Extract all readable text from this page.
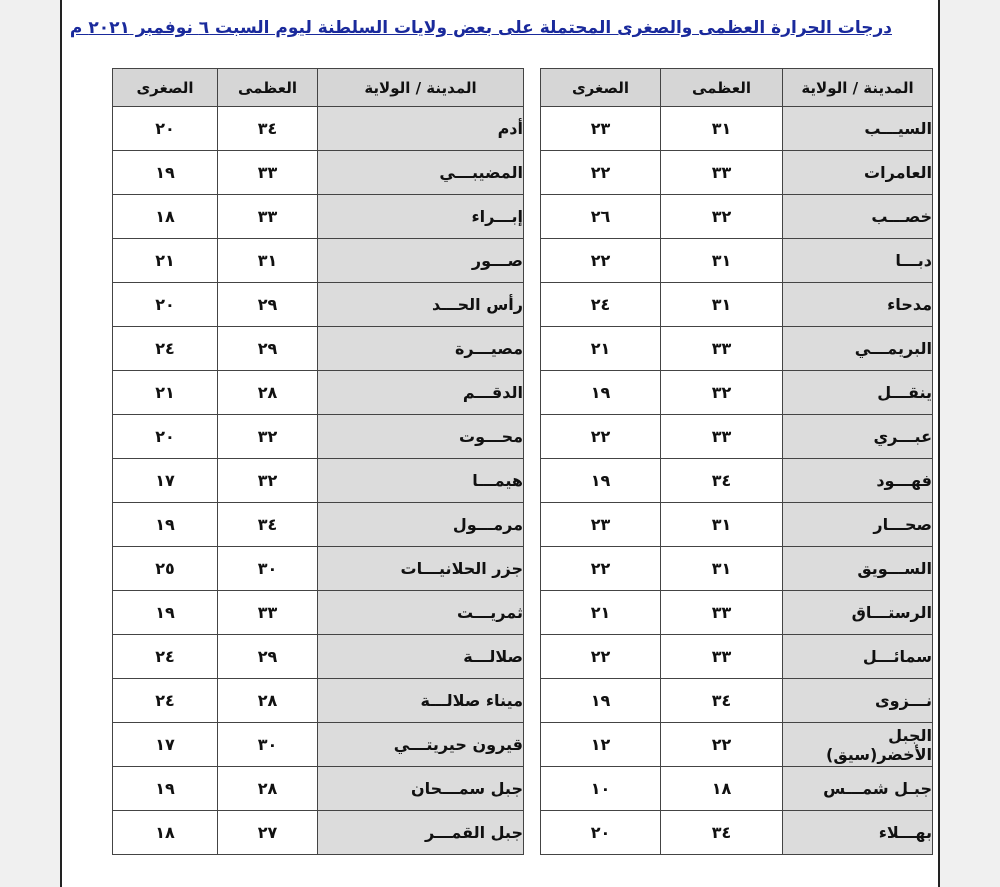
درجات الحرارة العظمى والصغرى المحتملة على بعض ولايات السلطنة ليوم السبت ٦ نوفمبر ٢٠٢١ م
المدينة / الولاية	العظمى	الصغرى
السيـــب	٣١	٢٣
العامرات	٣٣	٢٢
خصـــب	٣٢	٢٦
دبـــا	٣١	٢٢
مدحاء	٣١	٢٤
البريمـــي	٣٣	٢١
ينقـــل	٣٢	١٩
عبـــري	٣٣	٢٢
فهـــود	٣٤	١٩
صحـــار	٣١	٢٣
الســـويق	٣١	٢٢
الرستـــاق	٣٣	٢١
سمائـــل	٣٣	٢٢
نـــزوى	٣٤	١٩
الجبل الأخضر(سيق)	٢٢	١٢
جبـل شمـــس	١٨	١٠
بهـــلاء	٣٤	٢٠
المدينة / الولاية	العظمى	الصغرى
أدم	٣٤	٢٠
المضيبـــي	٣٣	١٩
إبـــراء	٣٣	١٨
صـــور	٣١	٢١
رأس الحـــد	٢٩	٢٠
مصيـــرة	٢٩	٢٤
الدقـــم	٢٨	٢١
محـــوت	٣٢	٢٠
هيمـــا	٣٢	١٧
مرمـــول	٣٤	١٩
جزر الحلانيـــات	٣٠	٢٥
ثمريـــت	٣٣	١٩
صلالـــة	٢٩	٢٤
ميناء صلالـــة	٢٨	٢٤
قيرون حيريتـــي	٣٠	١٧
جبل سمـــحان	٢٨	١٩
جبل القمـــر	٢٧	١٨
